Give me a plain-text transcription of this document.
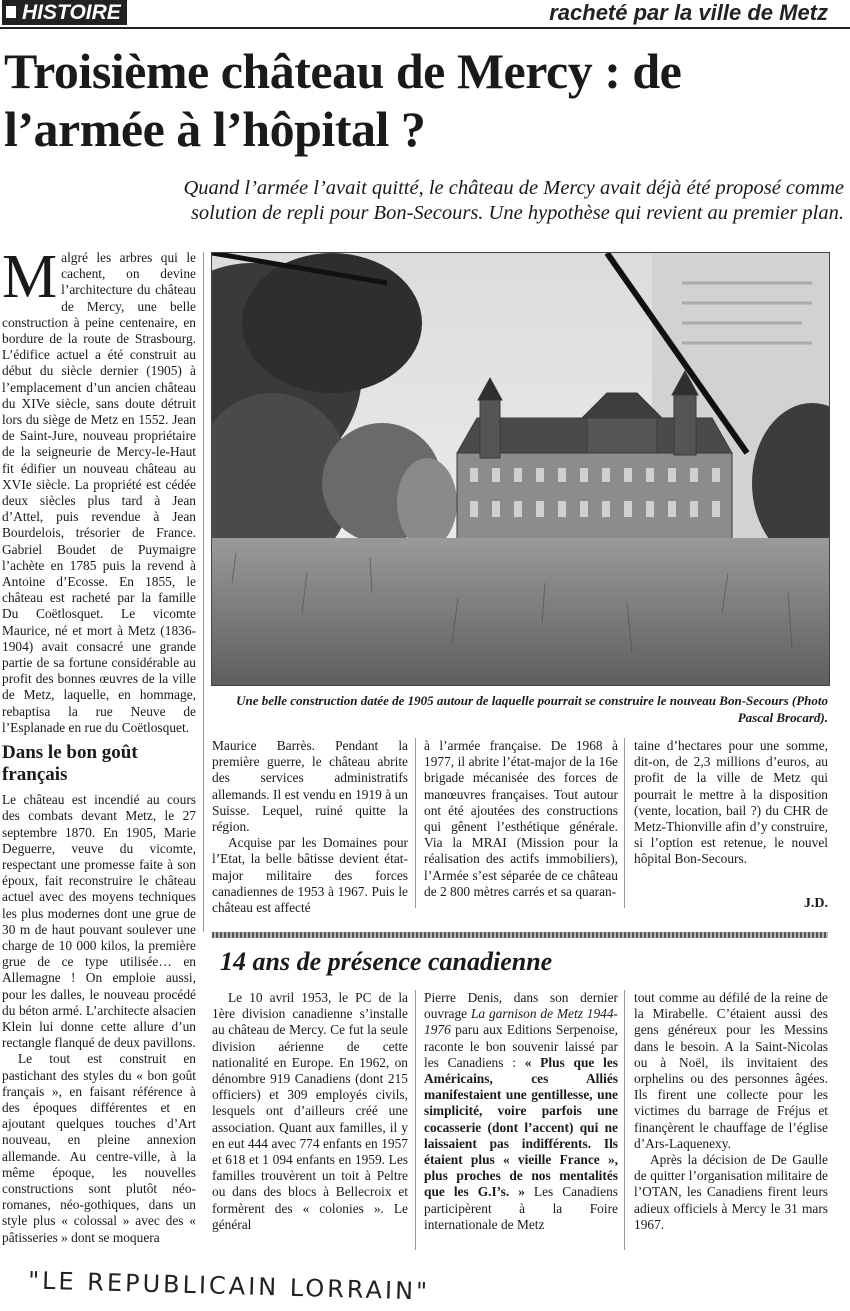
HISTOIRE	racheté par la ville de Metz
Troisième château de Mercy : de l’armée à l’hôpital ?

Quand l’armée l’avait quitté, le château de Mercy avait déjà été proposé comme solution de repli pour Bon-Secours. Une hypothèse qui revient au premier plan.

Malgré les arbres qui le cachent, on devine l’architecture du château de Mercy, une belle construction à peine centenaire, en bordure de la route de Strasbourg. L’édifice actuel a été construit au début du siècle dernier (1905) à l’emplacement d’un ancien château du XIVe siècle, sans doute détruit lors du siège de Metz en 1552. Jean de Saint-Jure, nouveau propriétaire de la seigneurie de Mercy-le-Haut fit édifier un nouveau château au XVIe siècle. La propriété est cédée deux siècles plus tard à Jean d’Attel, puis revendue à Jean Bourdelois, trésorier de France. Gabriel Boudet de Puymaigre l’achète en 1785 puis la revend à Antoine d’Ecosse. En 1855, le château est racheté par la famille Du Coëtlosquet. Le vicomte Maurice, né et mort à Metz (1836-1904) avait consacré une grande partie de sa fortune considérable au profit des bonnes œuvres de la ville de Metz, laquelle, en hommage, rebaptisa la rue Neuve de l’Esplanade en rue du Coëtlosquet.

Dans le bon goût français

Le château est incendié au cours des combats devant Metz, le 27 septembre 1870. En 1905, Marie Deguerre, veuve du vicomte, respectant une promesse faite à son époux, fait reconstruire le château actuel avec des moyens techniques les plus modernes dont une grue de 30 m de haut pouvant soulever une charge de 10 000 kilos, la première grue de ce type utilisée… en Allemagne ! On emploie aussi, pour les dalles, le nouveau procédé du béton armé. L’architecte alsacien Klein lui donne cette allure d’un rectangle flanqué de deux pavillons.

Le tout est construit en pastichant des styles du « bon goût français », en faisant référence à des époques différentes et en ajoutant quelques touches d’Art nouveau, en pleine annexion allemande. Au centre-ville, à la même époque, les nouvelles constructions sont plutôt néo-romanes, néo-gothiques, dans un style plus « colossal » avec des « pâtisseries » dont se moquera

Une belle construction datée de 1905 autour de laquelle pourrait se construire le nouveau Bon-Secours (Photo Pascal Brocard).

Maurice Barrès. Pendant la première guerre, le château abrite des services administratifs allemands. Il est vendu en 1919 à un Suisse. Lequel, ruiné quitte la région.

Acquise par les Domaines pour l’Etat, la belle bâtisse devient état-major militaire des forces canadiennes de 1953 à 1967. Puis le château est affecté

à l’armée française. De 1968 à 1977, il abrite l’état-major de la 16e brigade mécanisée des forces de manœuvres françaises. Tout autour ont été ajoutées des constructions qui gênent l’esthétique générale. Via la MRAI (Mission pour la réalisation des actifs immobiliers), l’Armée s’est séparée de ce château de 2 800 mètres carrés et sa quaran-

taine d’hectares pour une somme, dit-on, de 2,3 millions d’euros, au profit de la ville de Metz qui pourrait le mettre à la disposition (vente, location, bail ?) du CHR de Metz-Thionville afin d’y construire, si l’option est retenue, le nouvel hôpital Bon-Secours.

J.D.
14 ans de présence canadienne

Le 10 avril 1953, le PC de la 1ère division canadienne s’installe au château de Mercy. Ce fut la seule division aérienne de cette nationalité en Europe. En 1962, on dénombre 919 Canadiens (dont 215 officiers) et 309 employés civils, lesquels ont d’ailleurs créé une association. Quant aux familles, il y en eut 444 avec 774 enfants en 1957 et 618 et 1 094 enfants en 1959. Les familles trouvèrent un toit à Peltre ou dans des blocs à Bellecroix et formèrent des « colonies ». Le général

Pierre Denis, dans son dernier ouvrage La garnison de Metz 1944-1976 paru aux Editions Serpenoise, raconte le bon souvenir laissé par les Canadiens : « Plus que les Américains, ces Alliés manifestaient une gentillesse, une simplicité, voire parfois une cocasserie (dont l’accent) qui ne laissaient pas indifférents. Ils étaient plus « vieille France », plus proches de nos mentalités que les G.I’s. » Les Canadiens participèrent à la Foire internationale de Metz

tout comme au défilé de la reine de la Mirabelle. C’étaient aussi des gens généreux pour les Messins dans le besoin. A la Saint-Nicolas ou à Noël, ils invitaient des orphelins ou des personnes âgées. Ils firent une collecte pour les victimes du barrage de Fréjus et finançèrent le chauffage de l’église d’Ars-Laquenexy.

Après la décision de De Gaulle de quitter l’organisation militaire de l’OTAN, les Canadiens firent leurs adieux officiels à Mercy le 31 mars 1967.

"LE REPUBLICAIN LORRAIN"
